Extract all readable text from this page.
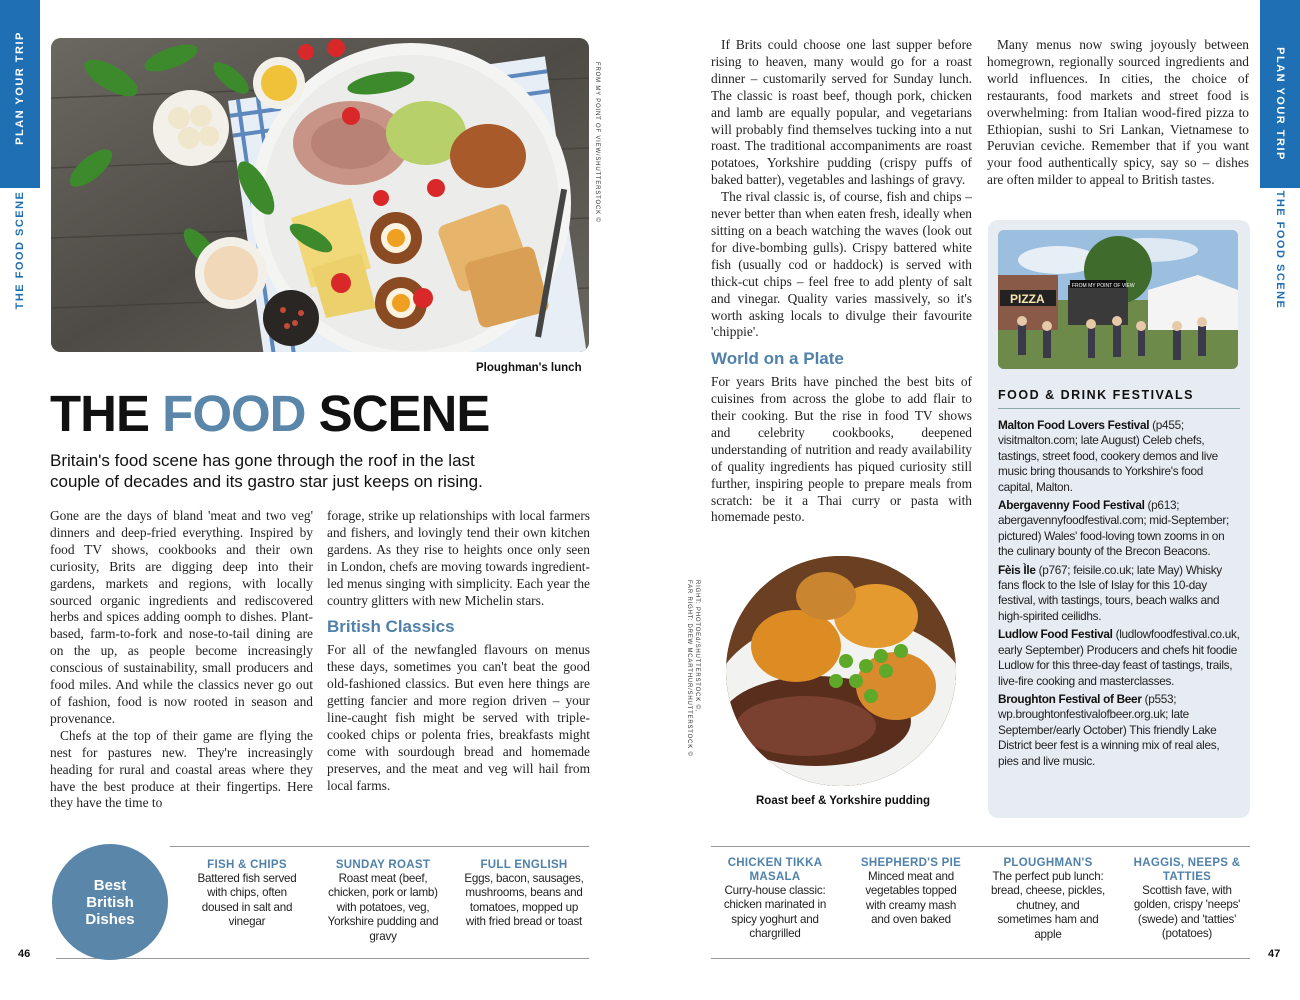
PLAN YOUR TRIP
THE FOOD SCENE
PLAN YOUR TRIP
THE FOOD SCENE
FROM MY POINT OF VIEW/SHUTTERSTOCK ©
Ploughman's lunch
THE FOOD SCENE
Britain's food scene has gone through the roof in the last couple of decades and its gastro star just keeps on rising.

Gone are the days of bland 'meat and two veg' dinners and deep-fried everything. Inspired by food TV shows, cookbooks and their own curiosity, Brits are digging deep into their gardens, markets and regions, with locally sourced organic ingredients and rediscovered herbs and spices adding oomph to dishes. Plant-based, farm-to-fork and nose-to-tail dining are on the up, as people become increasingly conscious of sustainability, small producers and food miles. And while the classics never go out of fashion, food is now rooted in season and provenance.

Chefs at the top of their game are flying the nest for pastures new. They're increasingly heading for rural and coastal areas where they have the best produce at their fingertips. Here they have the time to

forage, strike up relationships with local farmers and fishers, and lovingly tend their own kitchen gardens. As they rise to heights once only seen in London, chefs are moving towards ingredient-led menus singing with simplicity. Each year the country glitters with new Michelin stars.

British Classics

For all of the newfangled flavours on menus these days, sometimes you can't beat the good old-fashioned classics. But even here things are getting fancier and more region driven – your line-caught fish might be served with triple-cooked chips or polenta fries, breakfasts might come with sourdough bread and homemade preserves, and the meat and veg will hail from local farms.

If Brits could choose one last supper before rising to heaven, many would go for a roast dinner – customarily served for Sunday lunch. The classic is roast beef, though pork, chicken and lamb are equally popular, and vegetarians will probably find themselves tucking into a nut roast. The traditional accompaniments are roast potatoes, Yorkshire pudding (crispy puffs of baked batter), vegetables and lashings of gravy.

The rival classic is, of course, fish and chips – never better than when eaten fresh, ideally when sitting on a beach watching the waves (look out for dive-bombing gulls). Crispy battered white fish (usually cod or haddock) is served with thick-cut chips – feel free to add plenty of salt and vinegar. Quality varies massively, so it's worth asking locals to divulge their favourite 'chippie'.

World on a Plate

For years Brits have pinched the best bits of cuisines from across the globe to add flair to their cooking. But the rise in food TV shows and celebrity cookbooks, deepened understanding of nutrition and ready availability of quality ingredients has piqued curiosity still further, inspiring people to prepare meals from scratch: be it a Thai curry or pasta with homemade pesto.

Many menus now swing joyously between homegrown, regionally sourced ingredients and world influences. In cities, the choice of restaurants, food markets and street food is overwhelming: from Italian wood-fired pizza to Ethiopian, sushi to Sri Lankan, Vietnamese to Peruvian ceviche. Remember that if you want your food authentically spicy, say so – dishes are often milder to appeal to British tastes.

RIGHT: PHOTOEd/SHUTTERSTOCK ©,
FAR RIGHT: DREW MCARTHUR/SHUTTERSTOCK ©
Roast beef & Yorkshire pudding
PIZZA
FROM MY POINT OF VIEW
FOOD & DRINK FESTIVALS
Malton Food Lovers Festival (p455; visitmalton.com; late August) Celeb chefs, tastings, street food, cookery demos and live music bring thousands to Yorkshire's food capital, Malton.
Abergavenny Food Festival (p613; abergavennyfoodfestival.com; mid-September; pictured) Wales' food-loving town zooms in on the culinary bounty of the Brecon Beacons.
Fèis Ìle (p767; feisile.co.uk; late May) Whisky fans flock to the Isle of Islay for this 10-day festival, with tastings, tours, beach walks and high-spirited ceilidhs.
Ludlow Food Festival (ludlowfoodfestival.co.uk, early September) Producers and chefs hit foodie Ludlow for this three-day feast of tastings, trails, live-fire cooking and masterclasses.
Broughton Festival of Beer (p553; wp.broughtonfestivalofbeer.org.uk; late September/early October) This friendly Lake District beer fest is a winning mix of real ales, pies and live music.
Best British Dishes
FISH & CHIPS
Battered fish served with chips, often doused in salt and vinegar
SUNDAY ROAST
Roast meat (beef, chicken, pork or lamb) with potatoes, veg, Yorkshire pudding and gravy
FULL ENGLISH
Eggs, bacon, sausages, mushrooms, beans and tomatoes, mopped up with fried bread or toast
CHICKEN TIKKA MASALA
Curry-house classic: chicken marinated in spicy yoghurt and chargrilled
SHEPHERD'S PIE
Minced meat and vegetables topped with creamy mash and oven baked
PLOUGHMAN'S
The perfect pub lunch: bread, cheese, pickles, chutney, and sometimes ham and apple
HAGGIS, NEEPS & TATTIES
Scottish fave, with golden, crispy 'neeps' (swede) and 'tatties' (potatoes)
46	47
